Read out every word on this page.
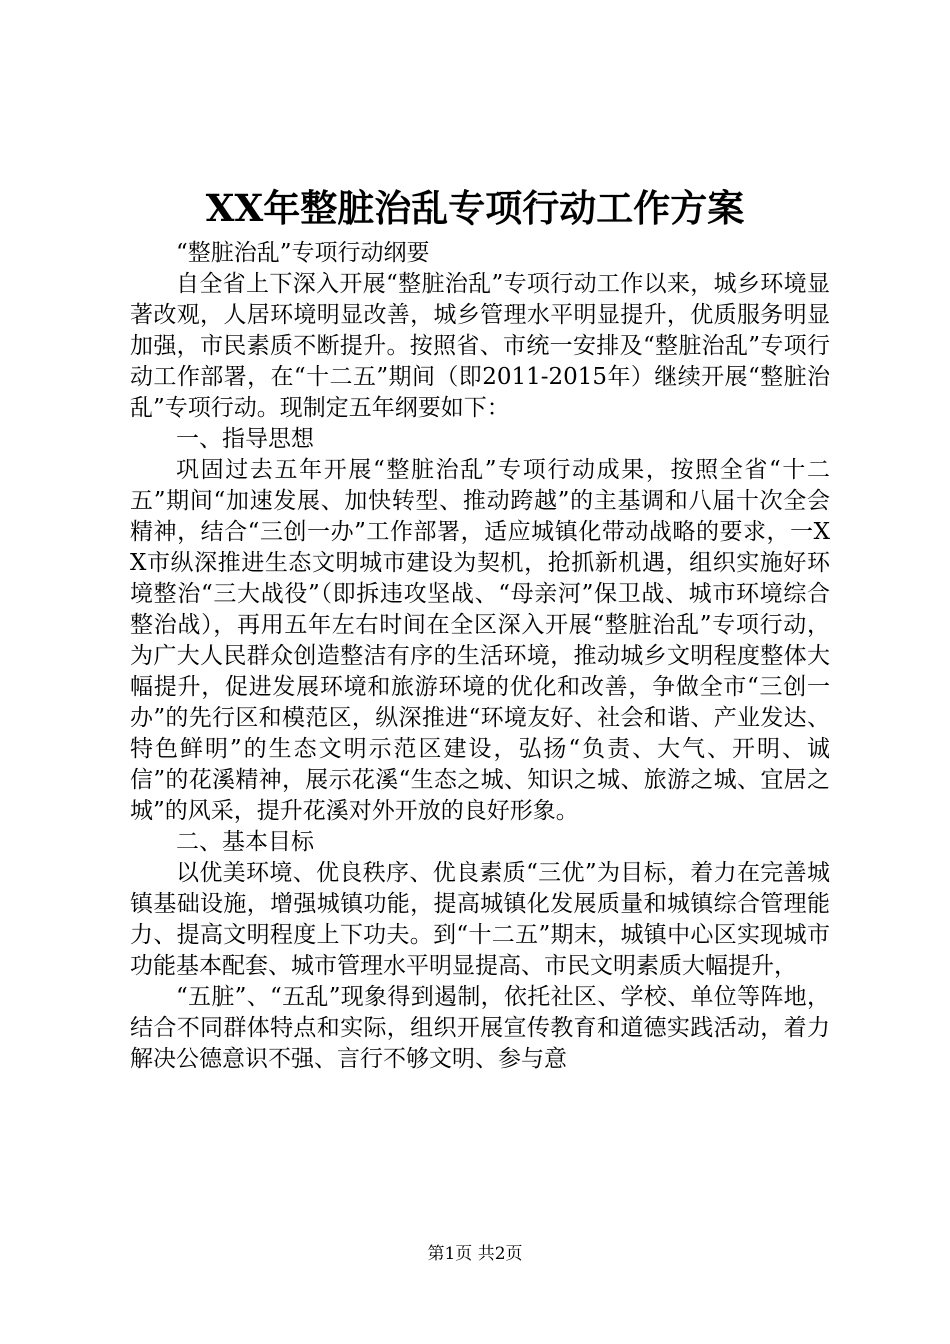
XX年整脏治乱专项行动工作方案

“整脏治乱”专项行动纲要

自全省上下深入开展“整脏治乱”专项行动工作以来，城乡环境显著改观，人居环境明显改善，城乡管理水平明显提升，优质服务明显加强，市民素质不断提升。按照省、市统一安排及“整脏治乱”专项行动工作部署，在“十二五”期间（即2011-2015年）继续开展“整脏治乱”专项行动。现制定五年纲要如下：

一、指导思想

巩固过去五年开展“整脏治乱”专项行动成果，按照全省“十二五”期间“加速发展、加快转型、推动跨越”的主基调和八届十次全会精神，结合“三创一办”工作部署，适应城镇化带动战略的要求，一XX市纵深推进生态文明城市建设为契机，抢抓新机遇，组织实施好环境整治“三大战役”（即拆违攻坚战、“母亲河”保卫战、城市环境综合整治战），再用五年左右时间在全区深入开展“整脏治乱”专项行动，为广大人民群众创造整洁有序的生活环境，推动城乡文明程度整体大幅提升，促进发展环境和旅游环境的优化和改善，争做全市“三创一办”的先行区和模范区，纵深推进“环境友好、社会和谐、产业发达、特色鲜明”的生态文明示范区建设，弘扬“负责、大气、开明、诚信”的花溪精神，展示花溪“生态之城、知识之城、旅游之城、宜居之城”的风采，提升花溪对外开放的良好形象。

二、基本目标

以优美环境、优良秩序、优良素质“三优”为目标，着力在完善城镇基础设施，增强城镇功能，提高城镇化发展质量和城镇综合管理能力、提高文明程度上下功夫。到“十二五”期末，城镇中心区实现城市功能基本配套、城市管理水平明显提高、市民文明素质大幅提升，

“五脏”、“五乱”现象得到遏制，依托社区、学校、单位等阵地，结合不同群体特点和实际，组织开展宣传教育和道德实践活动，着力解决公德意识不强、言行不够文明、参与意

第1页 共2页
